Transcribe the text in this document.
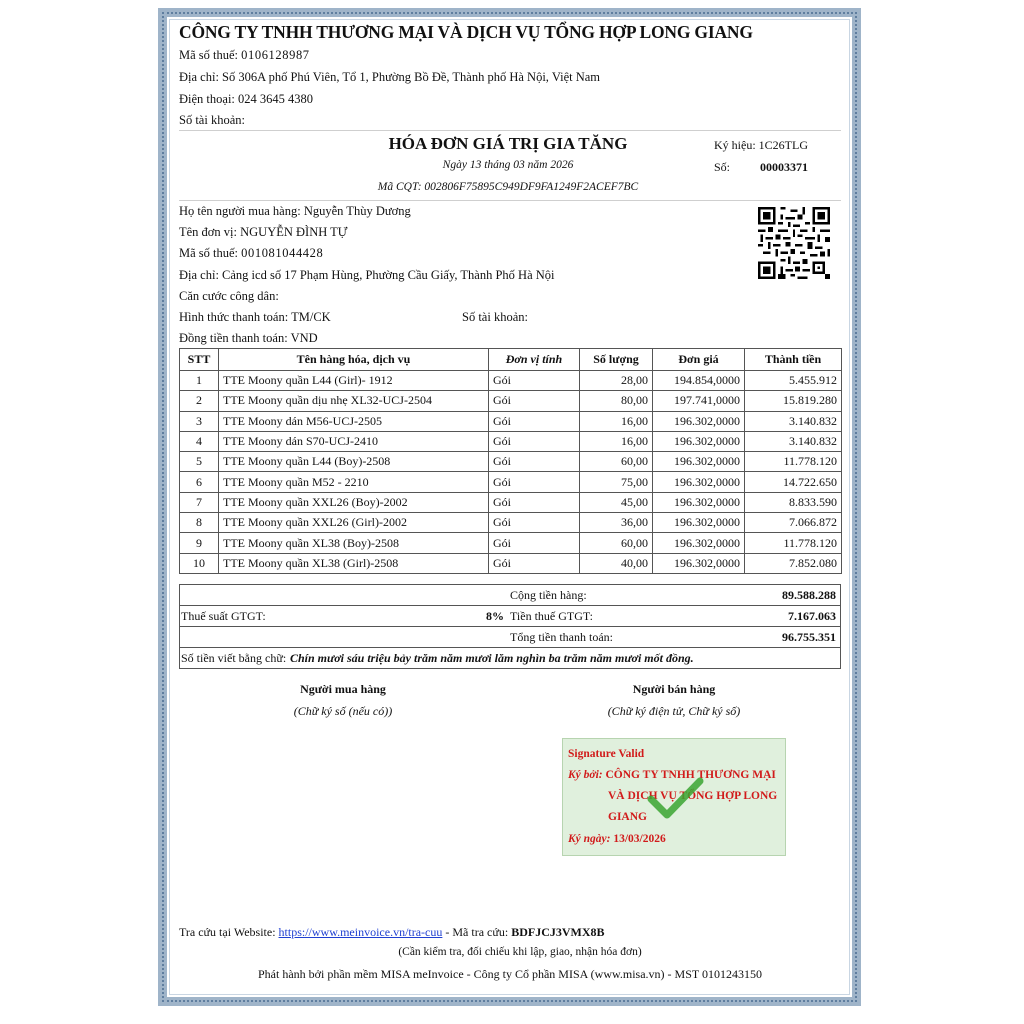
CÔNG TY TNHH THƯƠNG MẠI VÀ DỊCH VỤ TỔNG HỢP LONG GIANG
Mã số thuế: 0106128987
Địa chỉ: Số 306A phố Phú Viên, Tổ 1, Phường Bồ Đề, Thành phố Hà Nội, Việt Nam
Điện thoại: 024 3645 4380
Số tài khoản:
HÓA ĐƠN GIÁ TRỊ GIA TĂNG
Ngày 13 tháng 03 năm 2026
Mã CQT: 002806F75895C949DF9FA1249F2ACEF7BC
Ký hiệu: 1C26TLG
Số: 00003371
Họ tên người mua hàng: Nguyễn Thùy Dương
Tên đơn vị: NGUYỄN ĐÌNH TỰ
Mã số thuế: 001081044428
Địa chỉ: Cảng icd số 17 Phạm Hùng, Phường Cầu Giấy, Thành Phố Hà Nội
Căn cước công dân:
Hình thức thanh toán: TM/CK	Số tài khoản:
Đồng tiền thanh toán: VND
STT	Tên hàng hóa, dịch vụ	Đơn vị tính	Số lượng	Đơn giá	Thành tiền
1	TTE Moony quần L44 (Girl)- 1912	Gói	28,00	194.854,0000	5.455.912
2	TTE Moony quần dịu nhẹ XL32-UCJ-2504	Gói	80,00	197.741,0000	15.819.280
3	TTE Moony dán M56-UCJ-2505	Gói	16,00	196.302,0000	3.140.832
4	TTE Moony dán S70-UCJ-2410	Gói	16,00	196.302,0000	3.140.832
5	TTE Moony quần L44 (Boy)-2508	Gói	60,00	196.302,0000	11.778.120
6	TTE Moony quần M52 - 2210	Gói	75,00	196.302,0000	14.722.650
7	TTE Moony quần XXL26 (Boy)-2002	Gói	45,00	196.302,0000	8.833.590
8	TTE Moony quần XXL26 (Girl)-2002	Gói	36,00	196.302,0000	7.066.872
9	TTE Moony quần XL38 (Boy)-2508	Gói	60,00	196.302,0000	11.778.120
10	TTE Moony quần XL38 (Girl)-2508	Gói	40,00	196.302,0000	7.852.080
Cộng tiền hàng:	89.588.288
Thuế suất GTGT:	8% Tiền thuế GTGT:	7.167.063
Tổng tiền thanh toán:	96.755.351
Số tiền viết bằng chữ: Chín mươi sáu triệu bảy trăm năm mươi lăm nghìn ba trăm năm mươi mốt đồng.
Người mua hàng
(Chữ ký số (nếu có))
Người bán hàng
(Chữ ký điện tử, Chữ ký số)
Signature Valid
Ký bởi: CÔNG TY TNHH THƯƠNG MẠI
VÀ DỊCH VỤ TỔNG HỢP LONG
GIANG
Ký ngày: 13/03/2026
Tra cứu tại Website: https://www.meinvoice.vn/tra-cuu - Mã tra cứu: BDFJCJ3VMX8B
(Cần kiểm tra, đối chiếu khi lập, giao, nhận hóa đơn)
Phát hành bởi phần mềm MISA meInvoice - Công ty Cổ phần MISA (www.misa.vn) - MST 0101243150
